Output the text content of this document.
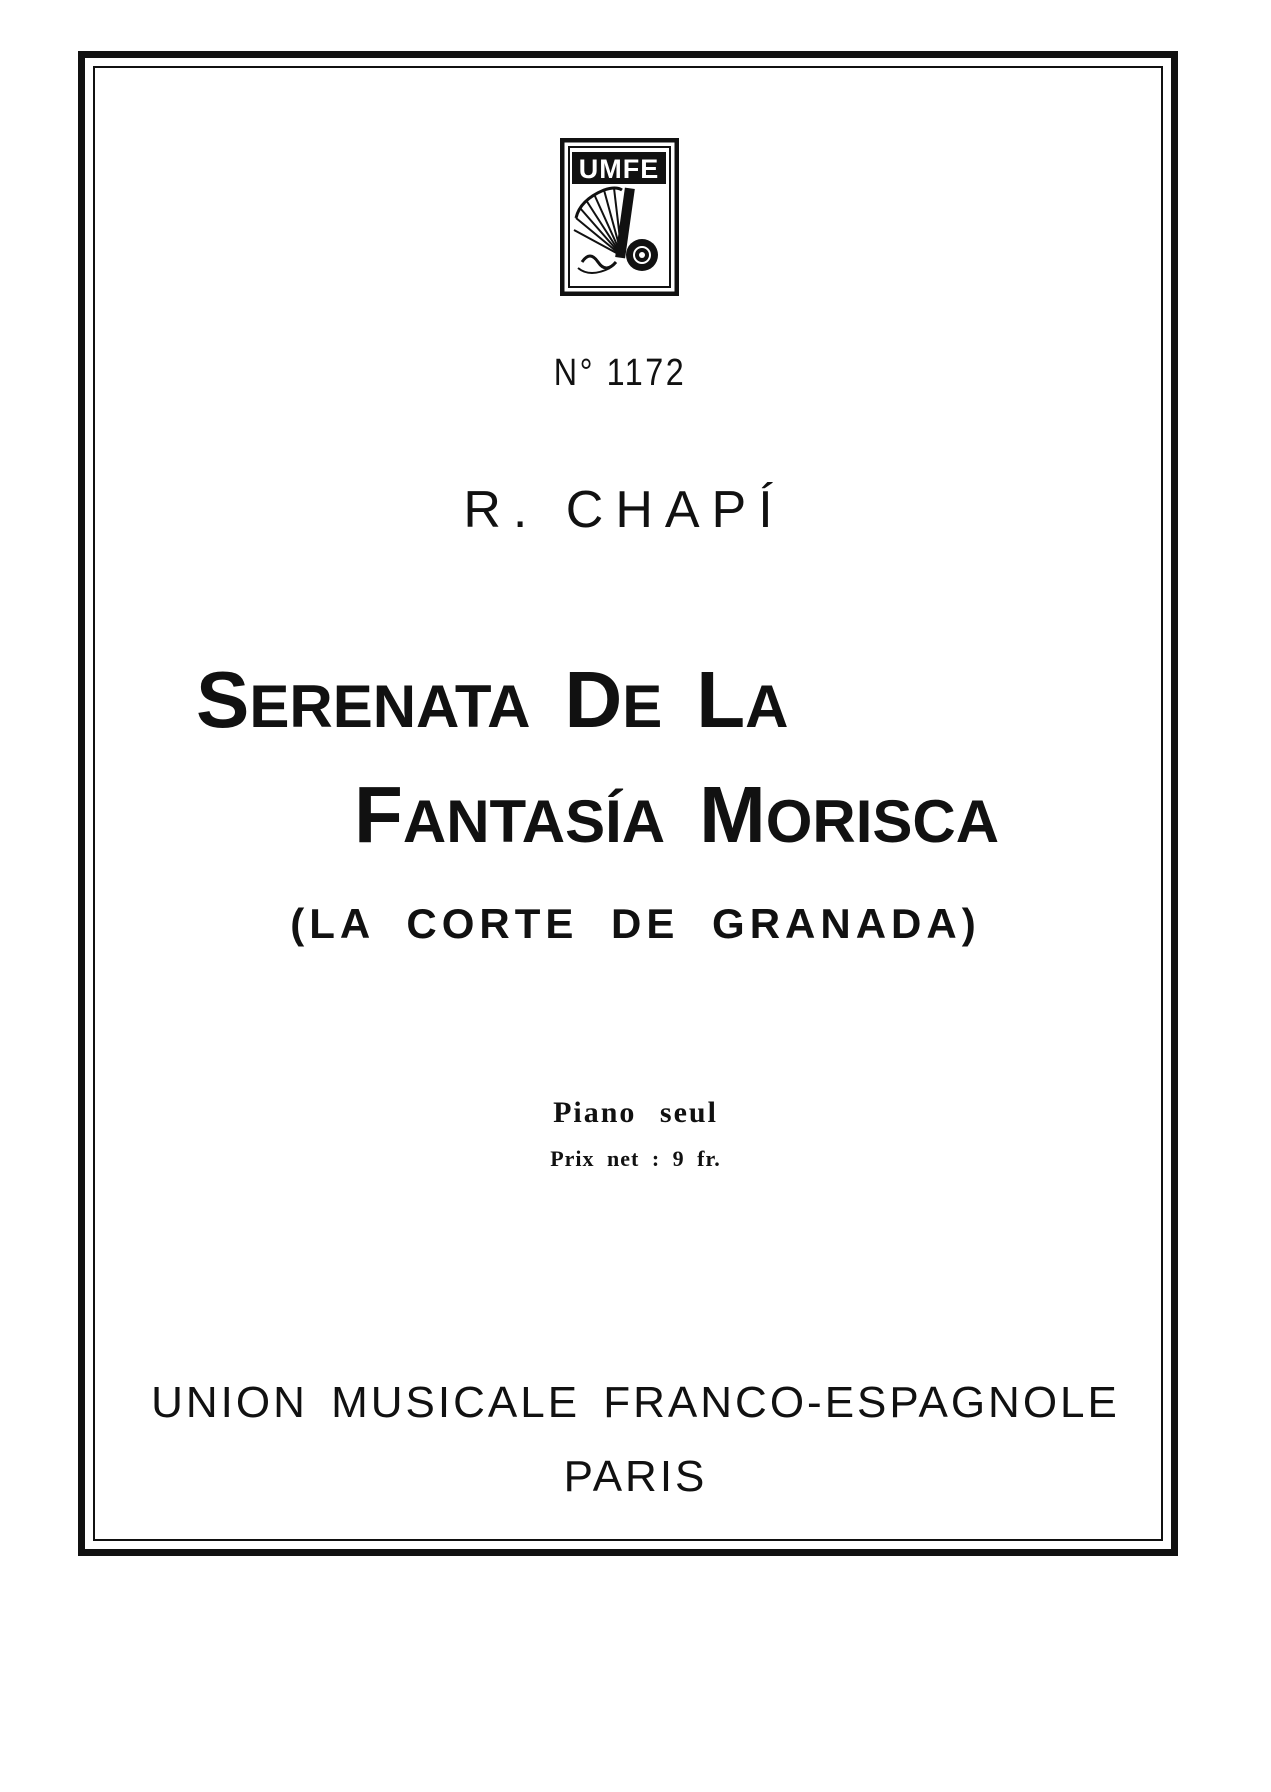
UMFE
N° 1172
R. CHAPÍ
SERENATA DE LA
FANTASÍA MORISCA
(LA CORTE DE GRANADA)
Piano seul
Prix net : 9 fr.
UNION MUSICALE FRANCO-ESPAGNOLE
PARIS
